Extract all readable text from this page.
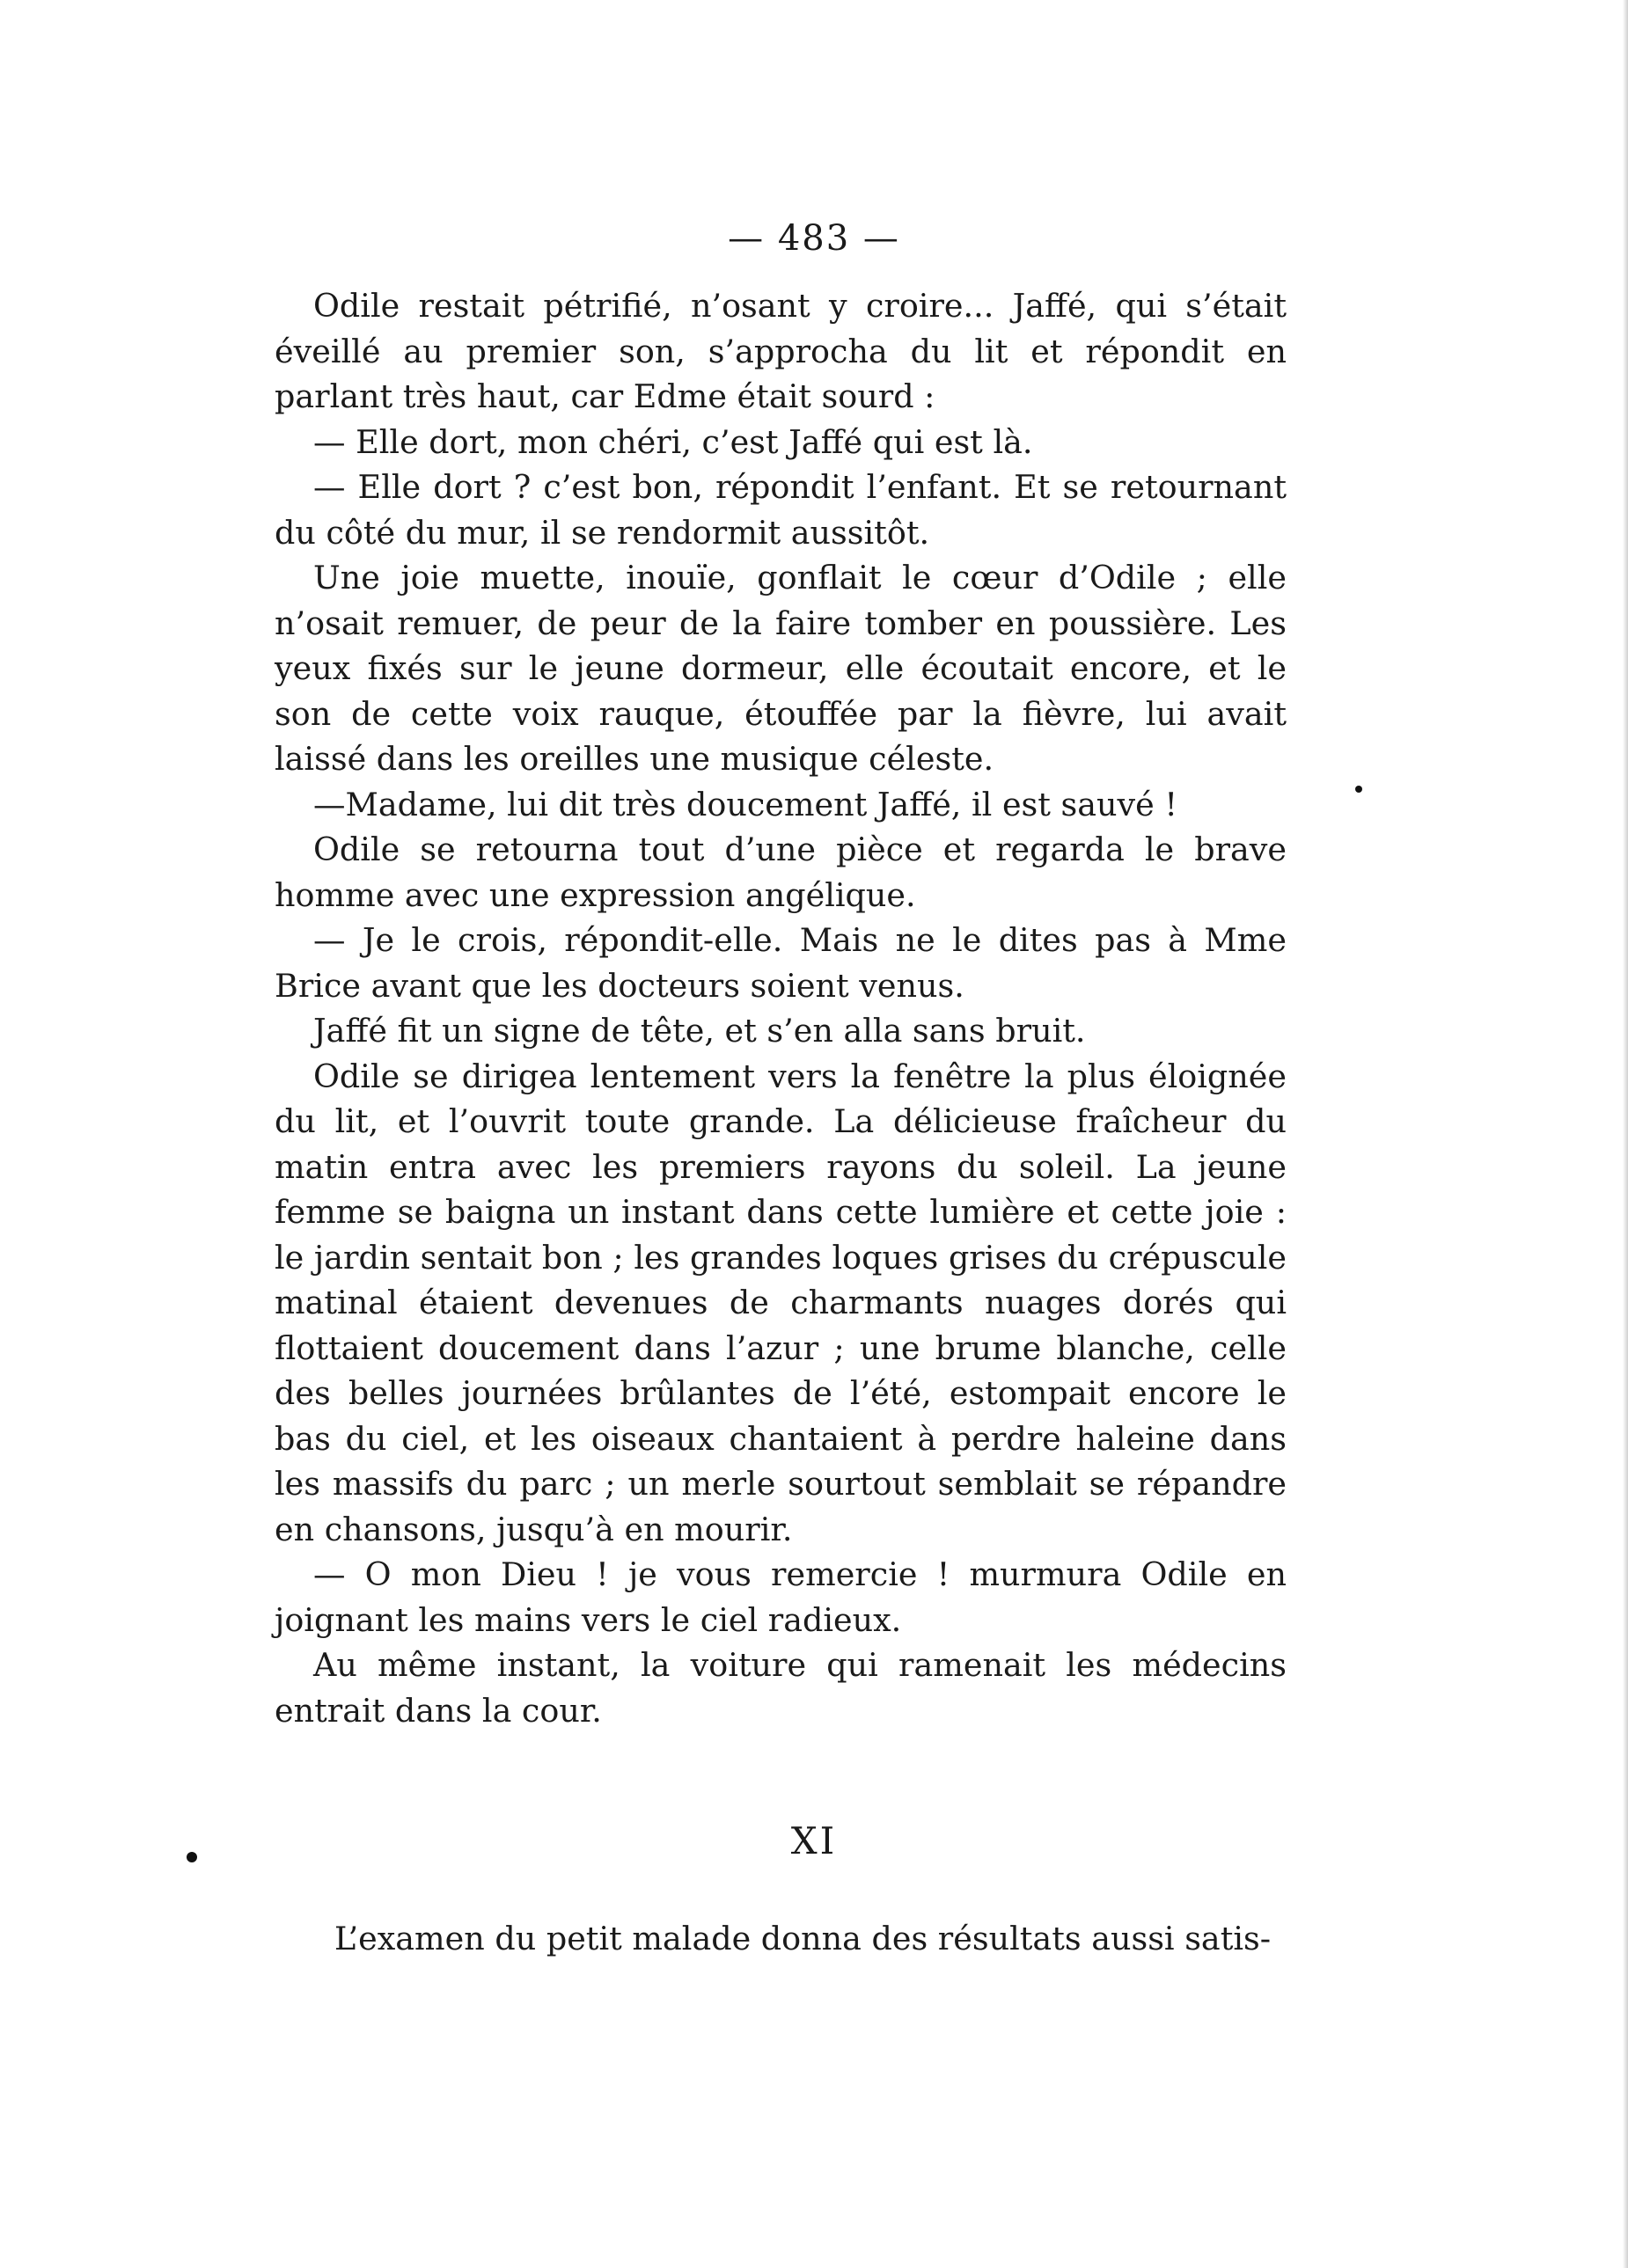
— 483 —

Odile restait pétrifié, n’osant y croire... Jaffé, qui s’était éveillé au premier son, s’approcha du lit et répondit en parlant très haut, car Edme était sourd :

— Elle dort, mon chéri, c’est Jaffé qui est là.

— Elle dort ? c’est bon, répondit l’enfant. Et se retournant du côté du mur, il se rendormit aussitôt.

Une joie muette, inouïe, gonflait le cœur d’Odile ; elle n’osait remuer, de peur de la faire tomber en poussière. Les yeux fixés sur le jeune dormeur, elle écoutait encore, et le son de cette voix rauque, étouffée par la fièvre, lui avait laissé dans les oreilles une musique céleste.

—Madame, lui dit très doucement Jaffé, il est sauvé !

Odile se retourna tout d’une pièce et regarda le brave homme avec une expression angélique.

— Je le crois, répondit-elle. Mais ne le dites pas à Mme Brice avant que les docteurs soient venus.

Jaffé fit un signe de tête, et s’en alla sans bruit.

Odile se dirigea lentement vers la fenêtre la plus éloignée du lit, et l’ouvrit toute grande. La délicieuse fraîcheur du matin entra avec les premiers rayons du soleil. La jeune femme se baigna un instant dans cette lumière et cette joie : le jardin sentait bon ; les grandes loques grises du crépuscule matinal étaient devenues de charmants nuages dorés qui flottaient doucement dans l’azur ; une brume blanche, celle des belles journées brûlantes de l’été, estompait encore le bas du ciel, et les oiseaux chantaient à perdre haleine dans les massifs du parc ; un merle sourtout semblait se répandre en chansons, jusqu’à en mourir.

— O mon Dieu ! je vous remercie ! murmura Odile en joignant les mains vers le ciel radieux.

Au même instant, la voiture qui ramenait les médecins entrait dans la cour.

XI

L’examen du petit malade donna des résultats aussi satis-
